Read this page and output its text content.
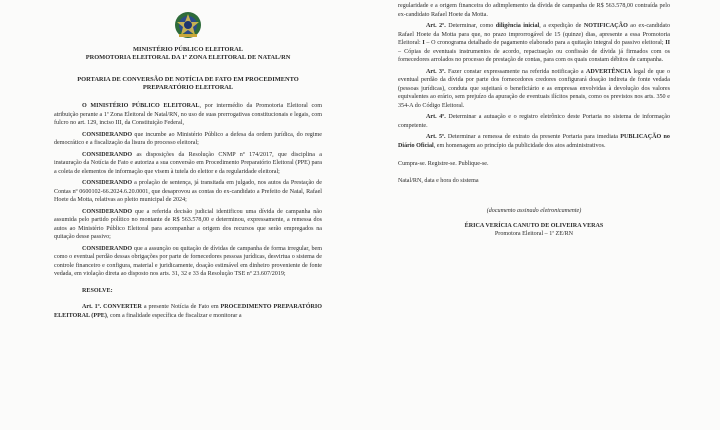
MINISTÉRIO PÚBLICO ELEITORAL
PROMOTORIA ELEITORAL DA 1ª ZONA ELEITORAL DE NATAL/RN
PORTARIA DE CONVERSÃO DE NOTÍCIA DE FATO EM PROCEDIMENTO
PREPARATÓRIO ELEITORAL

O MINISTÉRIO PÚBLICO ELEITORAL, por intermédio da Promotoria Eleitoral com atribuição perante a 1ª Zona Eleitoral de Natal/RN, no uso de suas prerrogativas constitucionais e legais, com fulcro no art. 129, inciso III, da Constituição Federal,

CONSIDERANDO que incumbe ao Ministério Público a defesa da ordem jurídica, do regime democrático e a fiscalização da lisura do processo eleitoral;

CONSIDERANDO as disposições da Resolução CNMP nº 174/2017, que disciplina a instauração da Notícia de Fato e autoriza a sua conversão em Procedimento Preparatório Eleitoral (PPE) para a coleta de elementos de informação que visem à tutela do eleitor e da regularidade eleitoral;

CONSIDERANDO a prolação de sentença, já transitada em julgado, nos autos da Prestação de Contas nº 0600102-66.2024.6.20.0001, que desaprovou as contas do ex-candidato a Prefeito de Natal, Rafael Hoete da Motta, relativas ao pleito municipal de 2024;

CONSIDERANDO que a referida decisão judicial identificou uma dívida de campanha não assumida pelo partido político no montante de R$ 563.578,00 e determinou, expressamente, a remessa dos autos ao Ministério Público Eleitoral para acompanhar a origem dos recursos que serão empregados na quitação desse passivo;

CONSIDERANDO que a assunção ou quitação de dívidas de campanha de forma irregular, bem como o eventual perdão dessas obrigações por parte de fornecedores pessoas jurídicas, desvirtua o sistema de controle financeiro e configura, material e juridicamente, doação estimável em dinheiro proveniente de fonte vedada, em violação direta ao disposto nos arts. 31, 32 e 33 da Resolução TSE nº 23.607/2019;

RESOLVE:

Art. 1º. CONVERTER a presente Notícia de Fato em PROCEDIMENTO PREPARATÓRIO ELEITORAL (PPE), com a finalidade específica de fiscalizar e monitorar a

regularidade e a origem financeira do adimplemento da dívida de campanha de R$ 563.578,00 contraída pelo ex-candidato Rafael Hoete da Motta.

Art. 2º. Determinar, como diligência inicial, a expedição de NOTIFICAÇÃO ao ex-candidato Rafael Hoete da Motta para que, no prazo improrrogável de 15 (quinze) dias, apresente a essa Promotoria Eleitoral: I – O cronograma detalhado de pagamento elaborado para a quitação integral do passivo eleitoral; II – Cópias de eventuais instrumentos de acordo, repactuação ou confissão de dívida já firmados com os fornecedores arrolados no processo de prestação de contas, para com os quais constam débitos de campanha.

Art. 3º. Fazer constar expressamente na referida notificação a ADVERTÊNCIA legal de que o eventual perdão da dívida por parte dos fornecedores credores configurará doação indireta de fonte vedada (pessoas jurídicas), conduta que sujeitará o beneficiário e as empresas envolvidas à devolução dos valores equivalentes ao erário, sem prejuízo da apuração de eventuais ilícitos penais, como os previstos nos arts. 350 e 354-A do Código Eleitoral.

Art. 4º. Determinar a autuação e o registro eletrônico deste Portaria no sistema de informação competente.

Art. 5º. Determinar a remessa de extrato da presente Portaria para imediata PUBLICAÇÃO no Diário Oficial, em homenagem ao princípio da publicidade dos atos administrativos.

Cumpra-se. Registre-se. Publique-se.

Natal/RN, data e hora do sistema

(documento assinado eletronicamente)

ÉRICA VERÍCIA CANUTO DE OLIVEIRA VERAS

Promotora Eleitoral – 1ª ZE/RN
